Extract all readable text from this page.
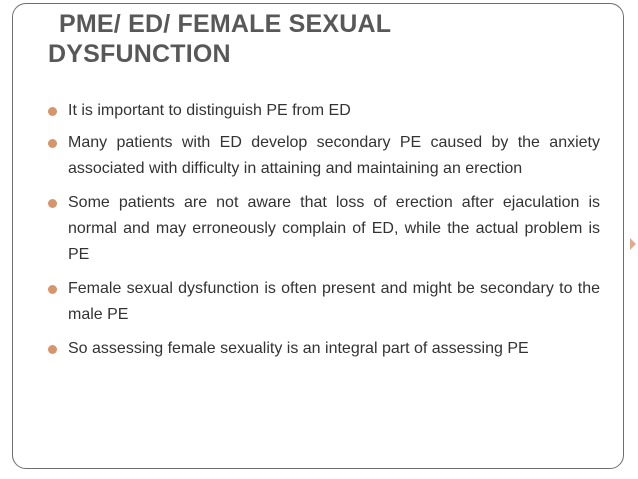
PME/ ED/ FEMALE SEXUAL
DYSFUNCTION
It is important to distinguish PE from ED
Many patients with ED develop secondary PE caused by the anxiety associated with difficulty in attaining and maintaining an erection
Some patients are not aware that loss of erection after ejaculation is normal and may erroneously complain of ED, while the actual problem is PE
Female sexual dysfunction is often present and might be secondary to the male PE
So assessing female sexuality is an integral part of assessing PE
